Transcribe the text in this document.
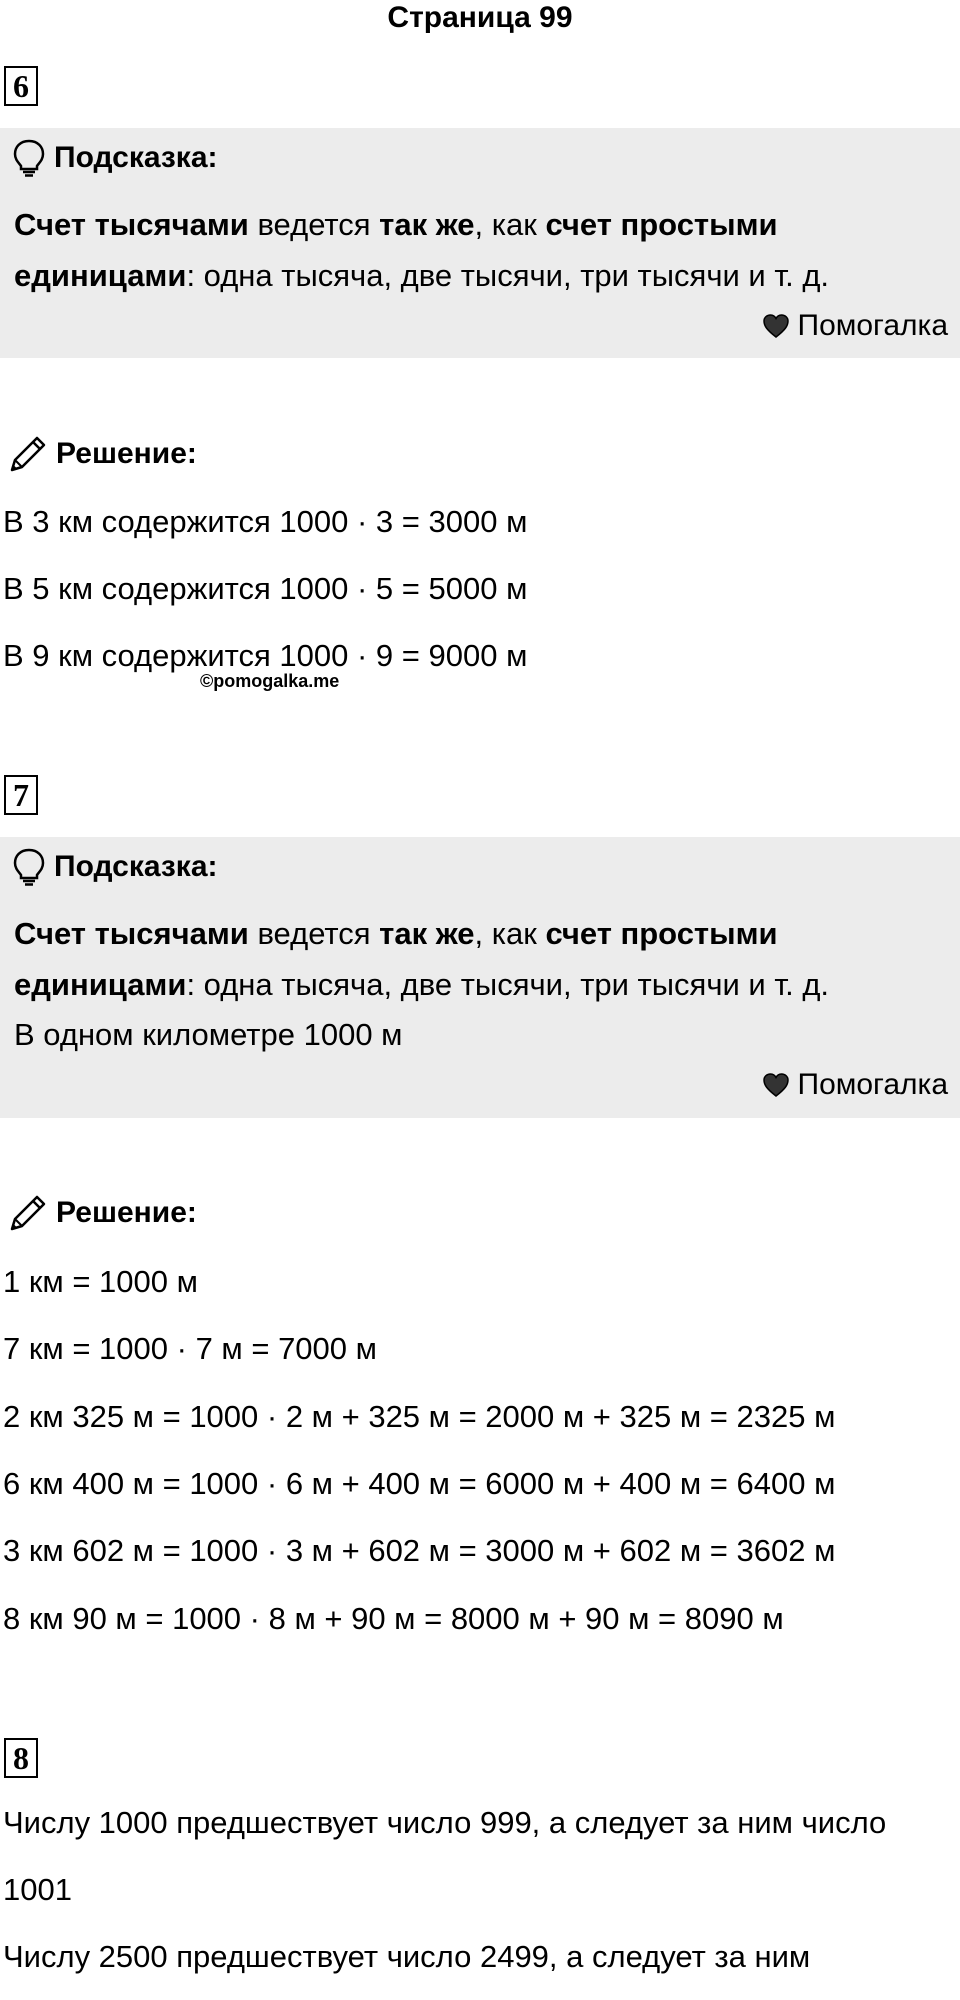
Страница 99
6
Подсказка:
Счет тысячами ведется так же, как счет простыми
единицами: одна тысяча, две тысячи, три тысячи и т. д.
Помогалка
Решение:
В 3 км содержится 1000 · 3 = 3000 м
В 5 км содержится 1000 · 5 = 5000 м
В 9 км содержится 1000 · 9 = 9000 м
©pomogalka.me
7
Подсказка:
Счет тысячами ведется так же, как счет простыми
единицами: одна тысяча, две тысячи, три тысячи и т. д.
В одном километре 1000 м
Помогалка
Решение:
1 км = 1000 м
7 км = 1000 · 7 м = 7000 м
2 км 325 м = 1000 · 2 м + 325 м = 2000 м + 325 м = 2325 м
6 км 400 м = 1000 · 6 м + 400 м = 6000 м + 400 м = 6400 м
3 км 602 м = 1000 · 3 м + 602 м = 3000 м + 602 м = 3602 м
8 км 90 м = 1000 · 8 м + 90 м = 8000 м + 90 м = 8090 м
8
Числу 1000 предшествует число 999, а следует за ним число
1001
Числу 2500 предшествует число 2499, а следует за ним
